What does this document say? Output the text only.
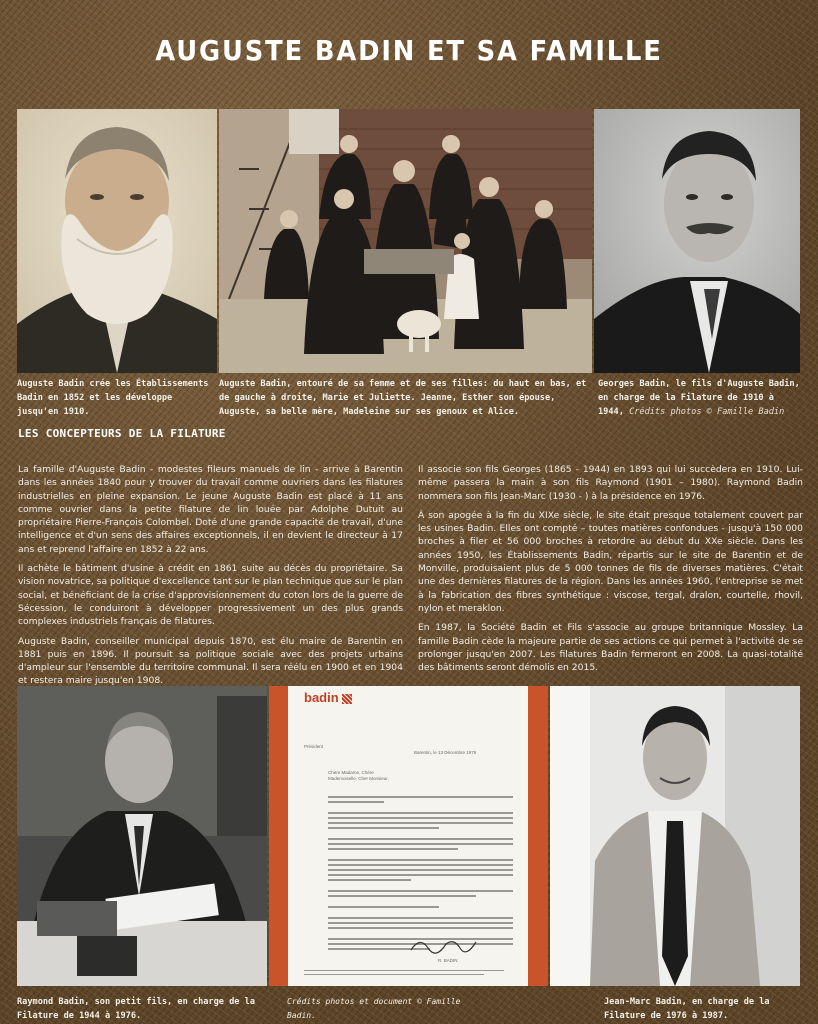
AUGUSTE BADIN ET SA FAMILLE
Auguste Badin crée les Établissements Badin en 1852 et les développe jusqu'en 1910.
Auguste Badin, entouré de sa femme et de ses filles: du haut en bas, et de gauche à droite, Marie et Juliette. Jeanne, Esther son épouse, Auguste, sa belle mère, Madeleine sur ses genoux et Alice.
Georges Badin, le fils d'Auguste Badin, en charge de la Filature de 1910 à 1944, Crédits photos © Famille Badin
LES CONCEPTEURS DE LA FILATURE

La famille d'Auguste Badin - modestes fileurs manuels de lin - arrive à Barentin dans les années 1840 pour y trouver du travail comme ouvriers dans les filatures industrielles en pleine expansion. Le jeune Auguste Badin est placé à 11 ans comme ouvrier dans la petite filature de lin louée par Adolphe Dutuit au propriétaire Pierre-François Colombel. Doté d'une grande capacité de travail, d'une intelligence et d'un sens des affaires exceptionnels, il en devient le directeur à 17 ans et reprend l'affaire en 1852 à 22 ans.

Il achète le bâtiment d'usine à crédit en 1861 suite au décès du propriétaire. Sa vision novatrice, sa politique d'excellence tant sur le plan technique que sur le plan social, et bénéficiant de la crise d'approvisionnement du coton lors de la guerre de Sécession, le conduiront à développer progressivement un des plus grands complexes industriels français de filatures.

Auguste Badin, conseiller municipal depuis 1870, est élu maire de Barentin en 1881 puis en 1896. Il poursuit sa politique sociale avec des projets urbains d'ampleur sur l'ensemble du territoire communal. Il sera réélu en 1900 et en 1904 et restera maire jusqu'en 1908.

Il associe son fils Georges (1865 - 1944) en 1893 qui lui succèdera en 1910. Lui-même passera la main à son fils Raymond (1901 – 1980). Raymond Badin nommera son fils Jean-Marc (1930 - ) à la présidence en 1976.

À son apogée à la fin du XIXe siècle, le site était presque totalement couvert par les usines Badin. Elles ont compté – toutes matières confondues - jusqu'à 150 000 broches à filer et 56 000 broches à retordre au début du XXe siècle. Dans les années 1950, les Établissements Badin, répartis sur le site de Barentin et de Monville, produisaient plus de 5 000 tonnes de fils de diverses matières. C'était une des dernières filatures de la région. Dans les années 1960, l'entreprise se met à la fabrication des fibres synthétique : viscose, tergal, dralon, courtelle, rhovil, nylon et meraklon.

En 1987, la Société Badin et Fils s'associe au groupe britannique Mossley. La famille Badin cède la majeure partie de ses actions ce qui permet à l'activité de se prolonger jusqu'en 2007. Les filatures Badin fermeront en 2008. La quasi-totalité des bâtiments seront démolis en 2015.

badin
Président
Barentin, le 13 Décembre 1976
Chère Madame, Chère Mademoiselle, Cher Monsieur,
R. BADIN
Raymond Badin, son petit fils, en charge de la Filature de 1944 à 1976.
Crédits photos et document © Famille Badin.
Jean-Marc Badin, en charge de la Filature de 1976 à 1987.
